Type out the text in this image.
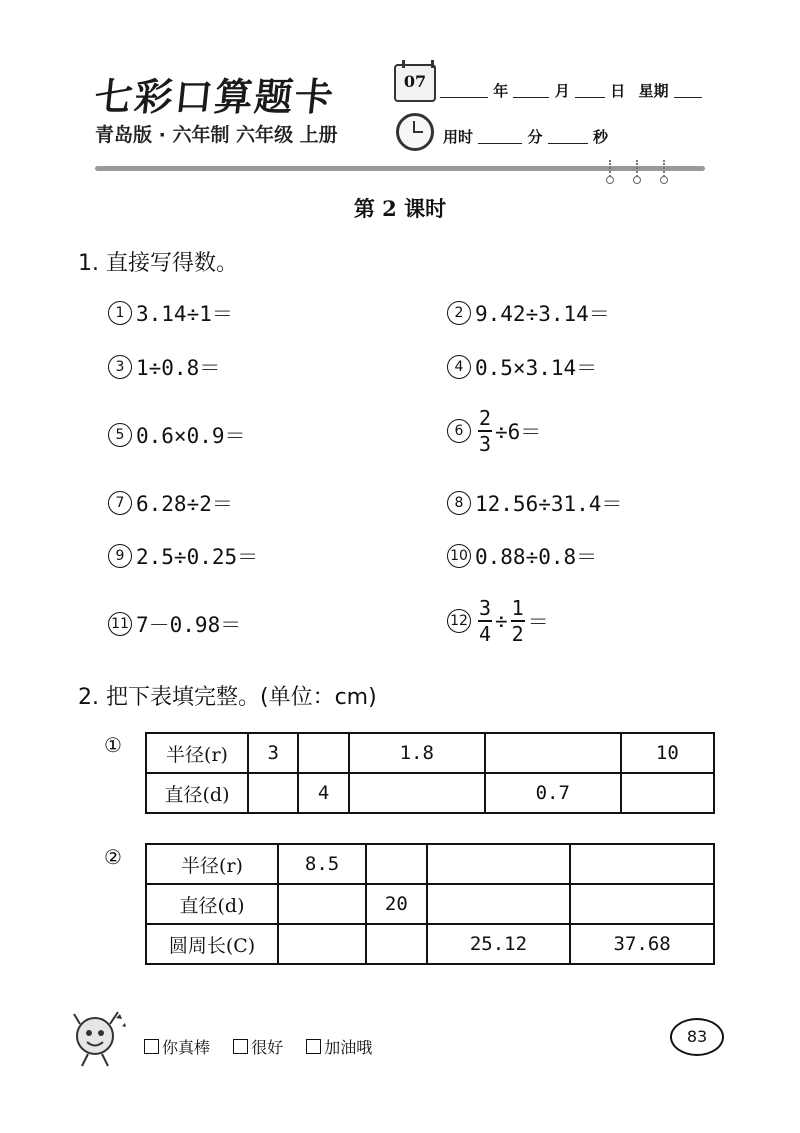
七彩口算题卡
青岛版 · 六年制 六年级 上册
07	年	月	日 星期
用时	分	秒
第 2 课时
1. 直接写得数。
1 3.14÷1＝	2 9.42÷3.14＝
3 1÷0.8＝	4 0.5×3.14＝
5 0.6×0.9＝	$6 \frac{2}{3} \div 6=$
7 6.28÷2＝	8 12.56÷31.4＝
9 2.5÷0.25＝	10 0.88÷0.8＝
11 7－0.98＝	$12 \frac{3}{4} \div \frac{1}{2}$ ＝
2. 把下表填完整。(单位：cm)
① 半径(r)	3		1.8		10
直径(d)		4		0.7	
②	半径(r)	8.5			
直径(d)		20		
圆周长(C)			25.12	37.68
你真棒	很好	加油哦
83
